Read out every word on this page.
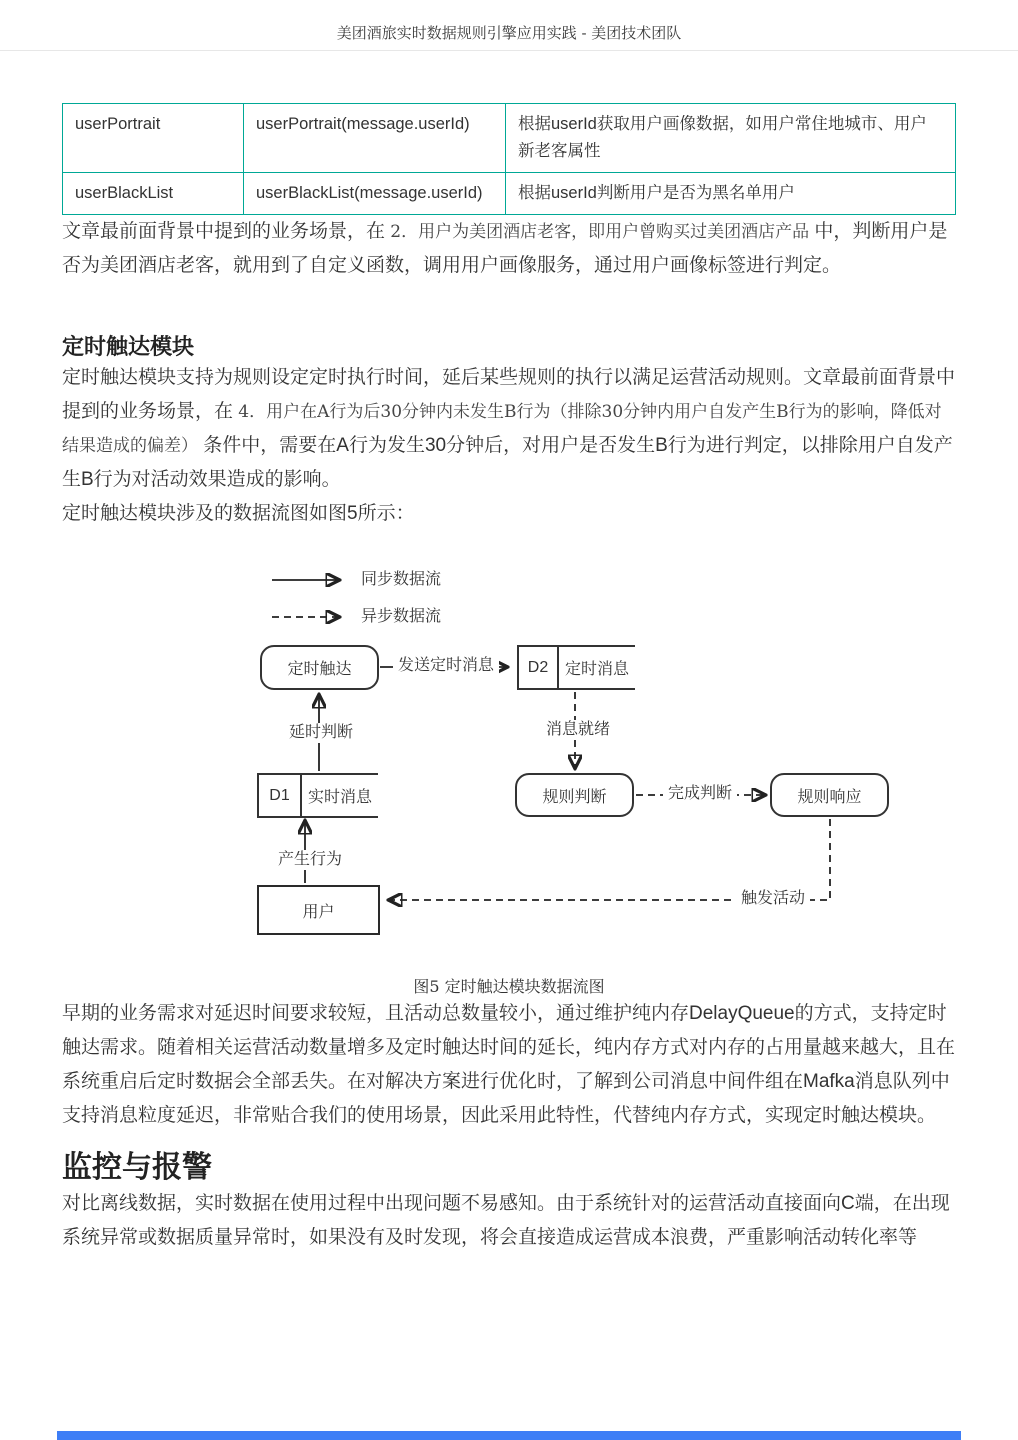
美团酒旅实时数据规则引擎应用实践 - 美团技术团队
userPortrait	userPortrait(message.userId)	根据userId获取用户画像数据，如用户常住地城市、用户新老客属性
userBlackList	userBlackList(message.userId)	根据userId判断用户是否为黑名单用户

文章最前面背景中提到的业务场景，在 2．用户为美团酒店老客，即用户曾购买过美团酒店产品 中，判断用户是否为美团酒店老客，就用到了自定义函数，调用用户画像服务，通过用户画像标签进行判定。

定时触达模块

定时触达模块支持为规则设定定时执行时间，延后某些规则的执行以满足运营活动规则。文章最前面背景中提到的业务场景，在 4．用户在A行为后30分钟内未发生B行为（排除30分钟内用户自发产生B行为的影响，降低对结果造成的偏差） 条件中，需要在A行为发生30分钟后，对用户是否发生B行为进行判定，以排除用户自发产生B行为对活动效果造成的影响。

定时触达模块涉及的数据流图如图5所示：

同步数据流
异步数据流
定时触达	发送定时消息	D2	定时消息
消息就绪
延时判断
D1	实时消息	规则判断	完成判断	规则响应
产生行为
触发活动
用户
图5 定时触达模块数据流图

早期的业务需求对延迟时间要求较短，且活动总数量较小，通过维护纯内存DelayQueue的方式，支持定时触达需求。随着相关运营活动数量增多及定时触达时间的延长，纯内存方式对内存的占用量越来越大，且在系统重启后定时数据会全部丢失。在对解决方案进行优化时，了解到公司消息中间件组在Mafka消息队列中支持消息粒度延迟，非常贴合我们的使用场景，因此采用此特性，代替纯内存方式，实现定时触达模块。

监控与报警

对比离线数据，实时数据在使用过程中出现问题不易感知。由于系统针对的运营活动直接面向C端，在出现系统异常或数据质量异常时，如果没有及时发现，将会直接造成运营成本浪费，严重影响活动转化率等
